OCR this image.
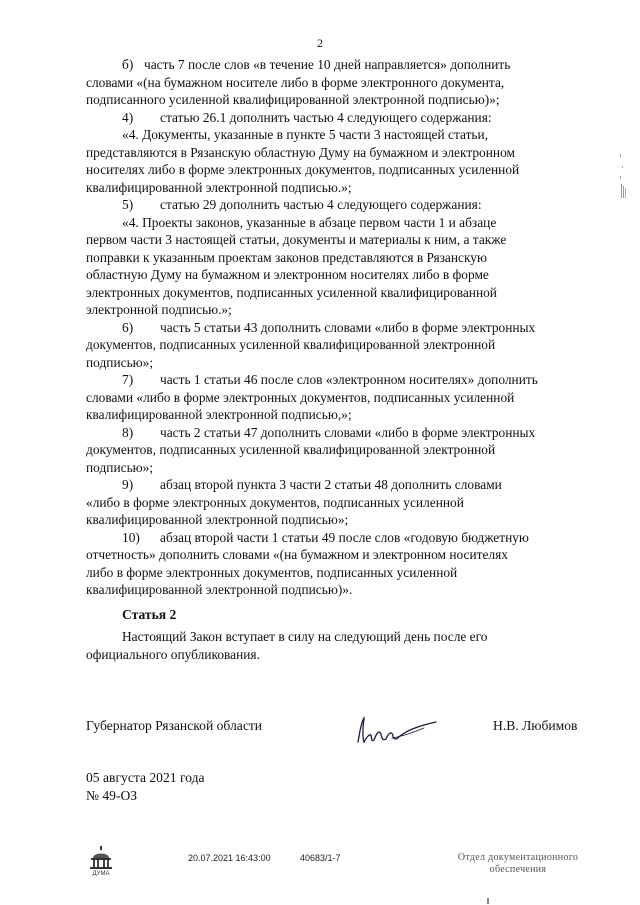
2

б) часть 7 после слов «в течение 10 дней направляется» дополнить

словами «(на бумажном носителе либо в форме электронного документа,

подписанного усиленной квалифицированной электронной подписью)»;

4) статью 26.1 дополнить частью 4 следующего содержания:

«4. Документы, указанные в пункте 5 части 3 настоящей статьи,

представляются в Рязанскую областную Думу на бумажном и электронном

носителях либо в форме электронных документов, подписанных усиленной

квалифицированной электронной подписью.»;

5) статью 29 дополнить частью 4 следующего содержания:

«4. Проекты законов, указанные в абзаце первом части 1 и абзаце

первом части 3 настоящей статьи, документы и материалы к ним, а также

поправки к указанным проектам законов представляются в Рязанскую

областную Думу на бумажном и электронном носителях либо в форме

электронных документов, подписанных усиленной квалифицированной

электронной подписью.»;

6) часть 5 статьи 43 дополнить словами «либо в форме электронных

документов, подписанных усиленной квалифицированной электронной

подписью»;

7) часть 1 статьи 46 после слов «электронном носителях» дополнить

словами «либо в форме электронных документов, подписанных усиленной

квалифицированной электронной подписью,»;

8) часть 2 статьи 47 дополнить словами «либо в форме электронных

документов, подписанных усиленной квалифицированной электронной

подписью»;

9) абзац второй пункта 3 части 2 статьи 48 дополнить словами

«либо в форме электронных документов, подписанных усиленной

квалифицированной электронной подписью»;

10) абзац второй части 1 статьи 49 после слов «годовую бюджетную

отчетность» дополнить словами «(на бумажном и электронном носителях

либо в форме электронных документов, подписанных усиленной

квалифицированной электронной подписью)».

Статья 2

Настоящий Закон вступает в силу на следующий день после его

официального опубликования.

Губернатор Рязанской области	Н.В. Любимов
05 августа 2021 года
№ 49-ОЗ
ДУМА
20.07.2021 16:43:00	40683/1-7	Отдел документационного
обеспечения
